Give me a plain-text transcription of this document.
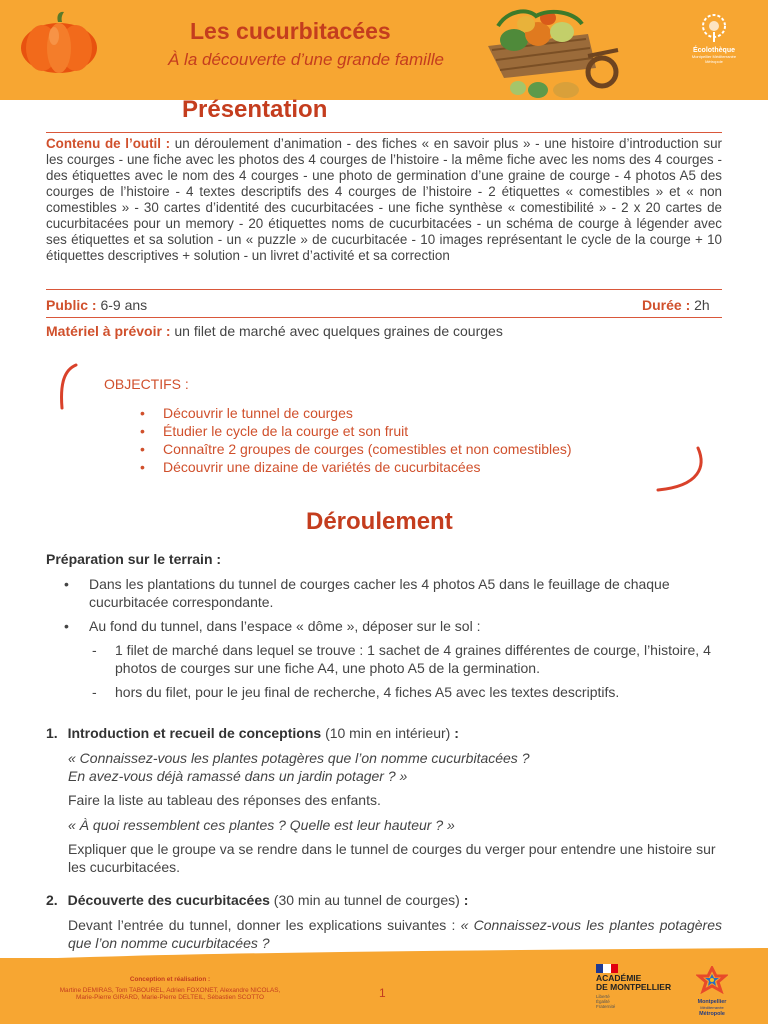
Les cucurbitacées
À la découverte d’une grande famille	Écolothèque
Montpellier Méditerranée Métropole
Présentation
Contenu de l’outil : un déroulement d’animation - des fiches « en savoir plus » - une histoire d’introduction sur les courges - une fiche avec les photos des 4 courges de l’histoire - la même fiche avec les noms des 4 courges - des étiquettes avec le nom des 4 courges - une photo de germination d’une graine de courge - 4 photos A5 des courges de l’histoire - 4 textes descriptifs des 4 courges de l’histoire - 2 étiquettes « comestibles » et « non comestibles » - 30 cartes d’identité des cucurbitacées - une fiche synthèse « comestibilité » - 2 x 20 cartes de cucurbitacées pour un memory - 20 étiquettes noms de cucurbitacées - un schéma de courge à légender avec ses étiquettes et sa solution - un « puzzle » de cucurbitacée - 10 images représentant le cycle de la courge + 10 étiquettes descriptives + solution - un livret d’activité et sa correction
Public : 6-9 ans	Durée : 2h
Matériel à prévoir : un filet de marché avec quelques graines de courges
OBJECTIFS :
• Découvrir le tunnel de courges
• Étudier le cycle de la courge et son fruit
• Connaître 2 groupes de courges (comestibles et non comestibles)
• Découvrir une dizaine de variétés de cucurbitacées
Déroulement
Préparation sur le terrain :
• Dans les plantations du tunnel de courges cacher les 4 photos A5 dans le feuillage de chaque cucurbitacée correspondante.
• Au fond du tunnel, dans l’espace « dôme », déposer sur le sol :
- 1 filet de marché dans lequel se trouve : 1 sachet de 4 graines différentes de courge, l’histoire, 4 photos de courges sur une fiche A4, une photo A5 de la germination.
- hors du filet, pour le jeu final de recherche, 4 fiches A5 avec les textes descriptifs.
1. Introduction et recueil de conceptions (10 min en intérieur) :
« Connaissez-vous les plantes potagères que l’on nomme cucurbitacées ?
En avez-vous déjà ramassé dans un jardin potager ? »
Faire la liste au tableau des réponses des enfants.
« À quoi ressemblent ces plantes ? Quelle est leur hauteur ? »
Expliquer que le groupe va se rendre dans le tunnel de courges du verger pour entendre une histoire sur les cucurbitacées.
2. Découverte des cucurbitacées (30 min au tunnel de courges) :
Devant l’entrée du tunnel, donner les explications suivantes : « Connaissez-vous les plantes potagères que l’on nomme cucurbitacées ?
Conception et réalisation :
Martine DEMIRAS, Tom TABOUREL, Adrien FOXONET, Alexandre NICOLAS,
Marie-Pierre GIRARD, Marie-Pierre DELTEIL, Sébastien SCOTTO	1
ACADÉMIE
DE MONTPELLIER
Liberté
Égalité
Fraternité
Montpellier
Méditerranée
Métropole
